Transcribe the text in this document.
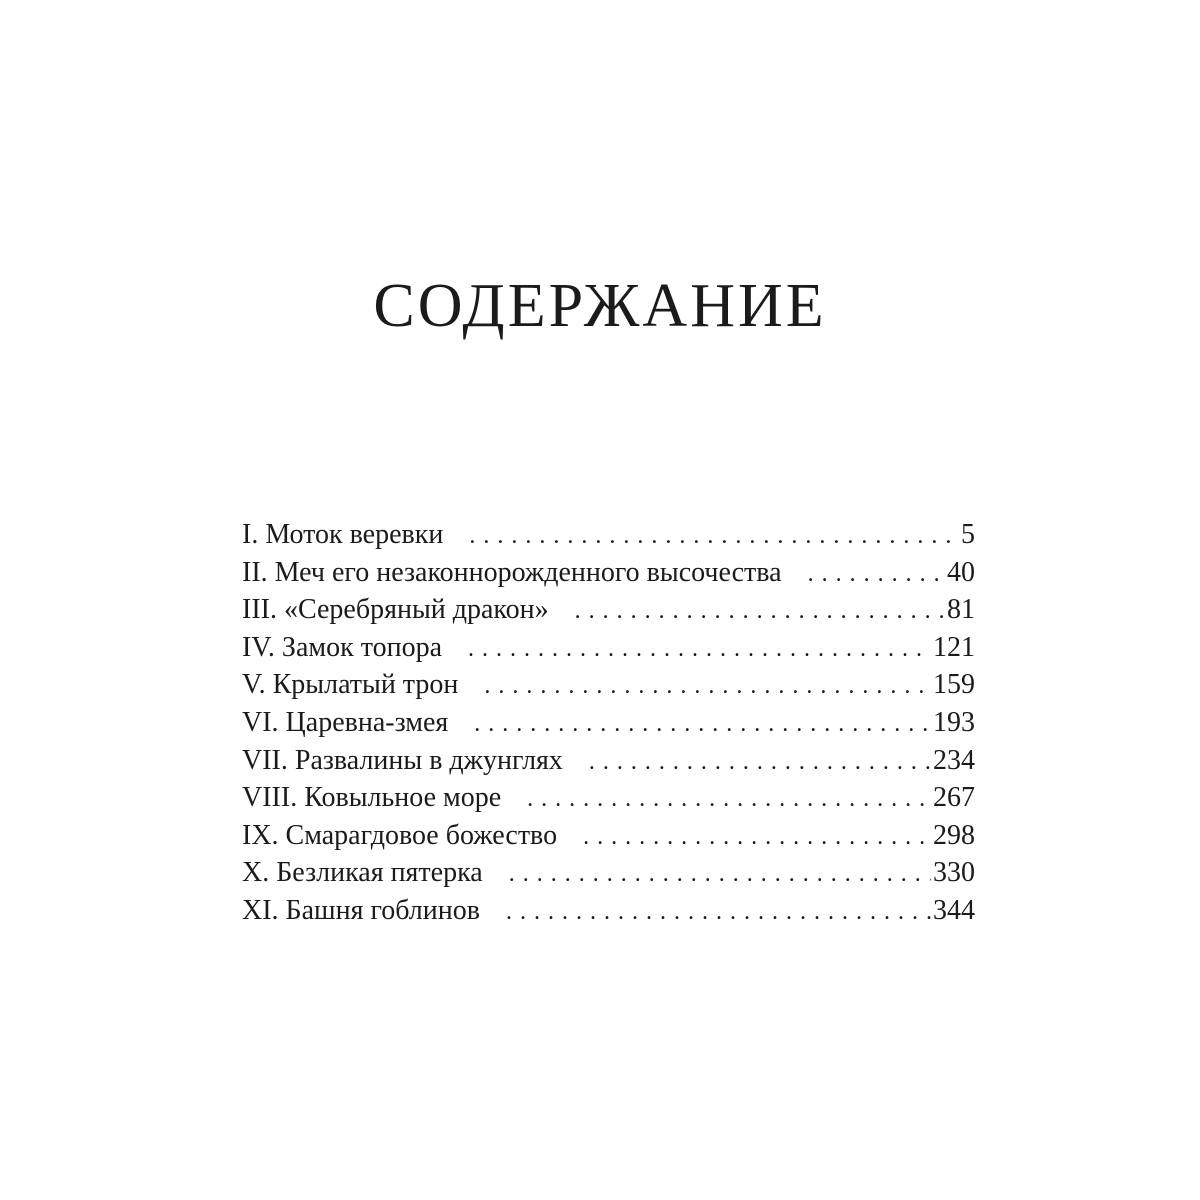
СОДЕРЖАНИЕ
I. Моток веревки . . .	5
II. Меч его незаконнорожденного высочества . . .	40
III. «Серебряный дракон» . . .	81
IV. Замок топора . . .	121
V. Крылатый трон . . .	159
VI. Царевна-змея . . .	193
VII. Развалины в джунглях . . .	234
VIII. Ковыльное море . . .	267
IX. Смарагдовое божество . . .	298
X. Безликая пятерка . . .	330
XI. Башня гоблинов . . .	344
